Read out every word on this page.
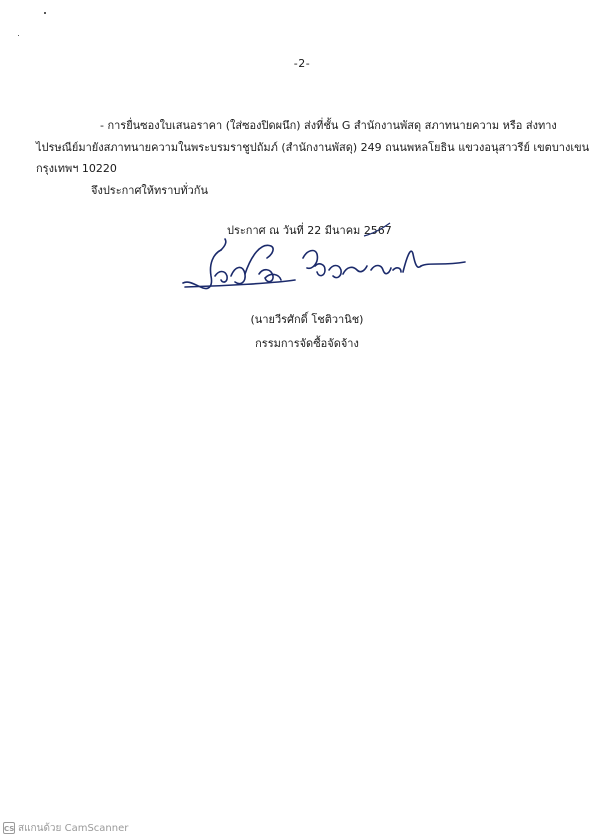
-2-
- การยื่นซองใบเสนอราคา (ใส่ซองปิดผนึก) ส่งที่ชั้น G สำนักงานพัสดุ สภาทนายความ หรือ ส่งทาง
ไปรษณีย์มายังสภาทนายความในพระบรมราชูปถัมภ์ (สำนักงานพัสดุ) 249 ถนนพหลโยธิน แขวงอนุสาวรีย์ เขตบางเขน
กรุงเทพฯ 10220
จึงประกาศให้ทราบทั่วกัน
ประกาศ ณ วันที่ 22 มีนาคม 2567
(นายวีรศักดิ์ โชติวานิช)
กรรมการจัดซื้อจัดจ้าง
CS สแกนด้วย CamScanner
